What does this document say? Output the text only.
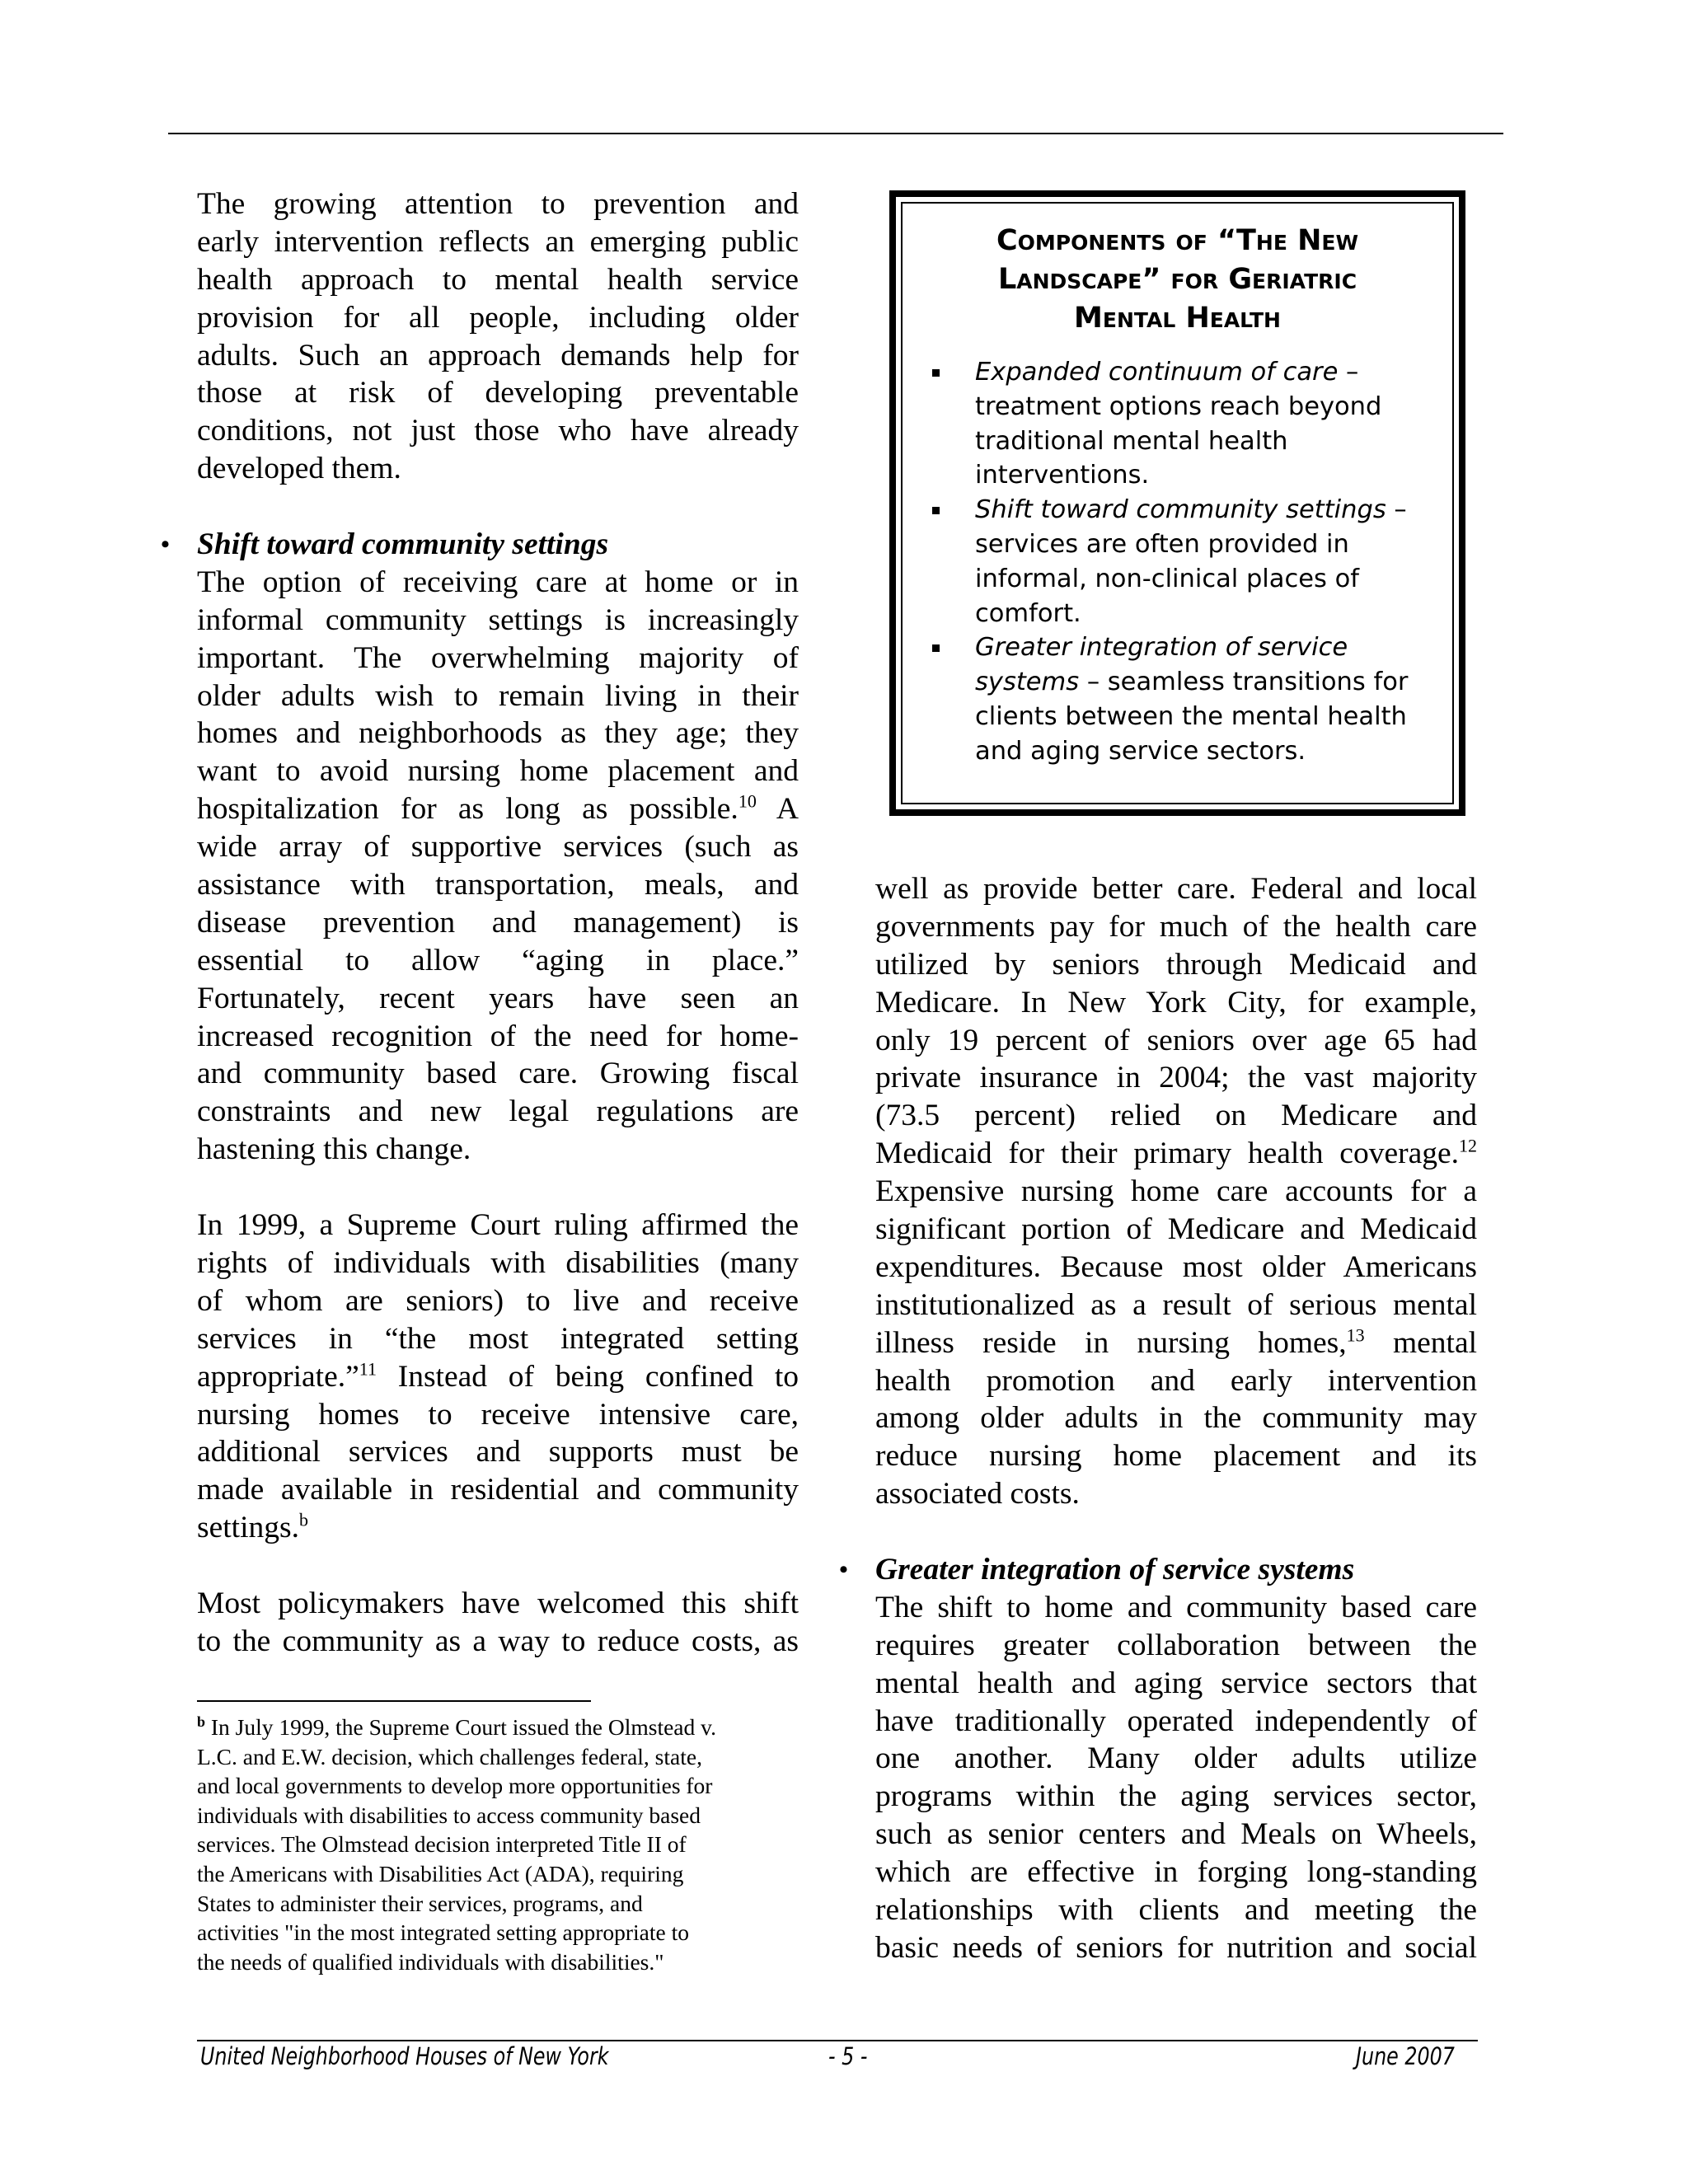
The growing attention to prevention and
early intervention reflects an emerging public
health approach to mental health service
provision for all people, including older
adults. Such an approach demands help for
those at risk of developing preventable
conditions, not just those who have already
developed them.
• Shift toward community settings
The option of receiving care at home or in
informal community settings is increasingly
important. The overwhelming majority of
older adults wish to remain living in their
homes and neighborhoods as they age; they
want to avoid nursing home placement and
hospitalization for as long as possible.$^{10}$ A
wide array of supportive services (such as
assistance with transportation, meals, and
disease prevention and management) is
essential to allow “aging in place.”
Fortunately, recent years have seen an
increased recognition of the need for home-
and community based care. Growing fiscal
constraints and new legal regulations are
hastening this change.
In 1999, a Supreme Court ruling affirmed the
rights of individuals with disabilities (many
of whom are seniors) to live and receive
services in “the most integrated setting
appropriate.”$^{11}$ Instead of being confined to
nursing homes to receive intensive care,
additional services and supports must be
made available in residential and community
settings.$^b$
Most policymakers have welcomed this shift
to the community as a way to reduce costs, as
well as provide better care. Federal and local
governments pay for much of the health care
utilized by seniors through Medicaid and
Medicare. In New York City, for example,
only 19 percent of seniors over age 65 had
private insurance in 2004; the vast majority
(73.5 percent) relied on Medicare and
Medicaid for their primary health coverage.$^{12}$
Expensive nursing home care accounts for a
significant portion of Medicare and Medicaid
expenditures. Because most older Americans
institutionalized as a result of serious mental
illness reside in nursing homes,$^{13}$ mental
health promotion and early intervention
among older adults in the community may
reduce nursing home placement and its
associated costs.
• Greater integration of service systems
The shift to home and community based care
requires greater collaboration between the
mental health and aging service sectors that
have traditionally operated independently of
one another. Many older adults utilize
programs within the aging services sector,
such as senior centers and Meals on Wheels,
which are effective in forging long-standing
relationships with clients and meeting the
basic needs of seniors for nutrition and social
Components of “The New
Landscape” for Geriatric
Mental Health
Expanded continuum of care – treatment options reach beyond traditional mental health interventions.
Shift toward community settings – services are often provided in informal, non-clinical places of comfort.
Greater integration of service systems – seamless transitions for clients between the mental health and aging service sectors.
$^b$ In July 1999, the Supreme Court issued the Olmstead v.
L.C. and E.W. decision, which challenges federal, state,
and local governments to develop more opportunities for
individuals with disabilities to access community based
services. The Olmstead decision interpreted Title II of
the Americans with Disabilities Act (ADA), requiring
States to administer their services, programs, and
activities "in the most integrated setting appropriate to
the needs of qualified individuals with disabilities."
United Neighborhood Houses of New York	- 5 -	June 2007
